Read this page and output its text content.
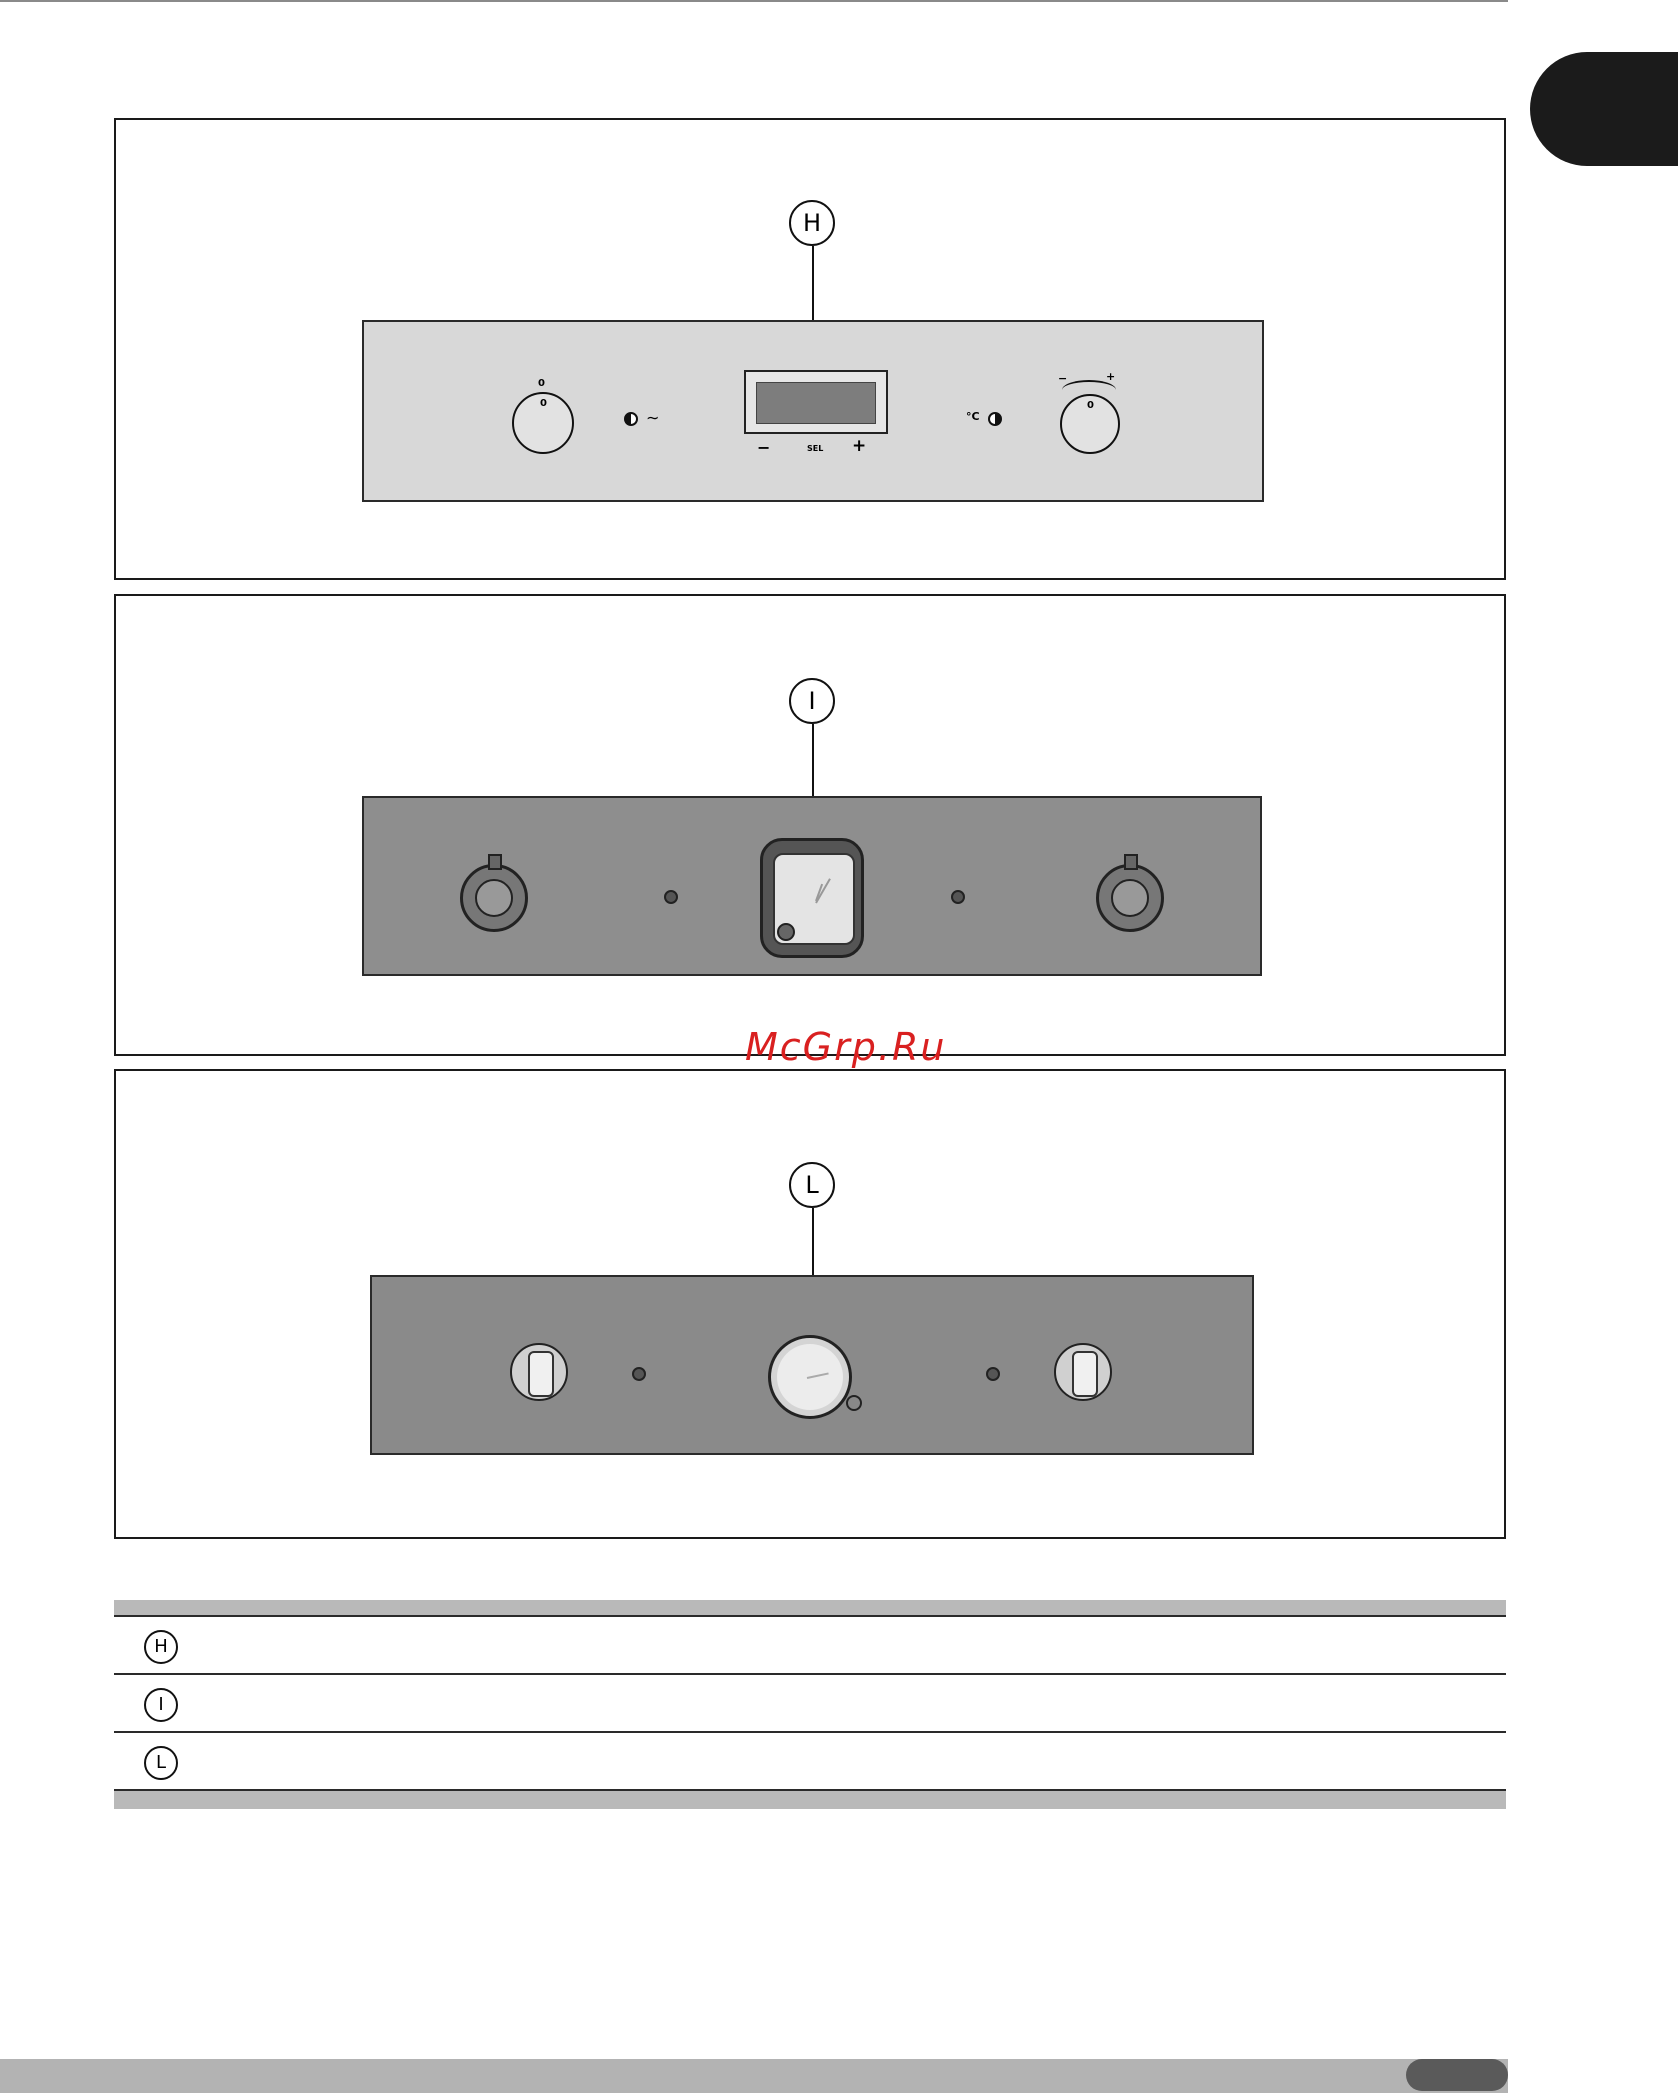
H
0
0
∼
−	SEL +
°C
−	+
0
I
McGrp.Ru
L
H
I
L
